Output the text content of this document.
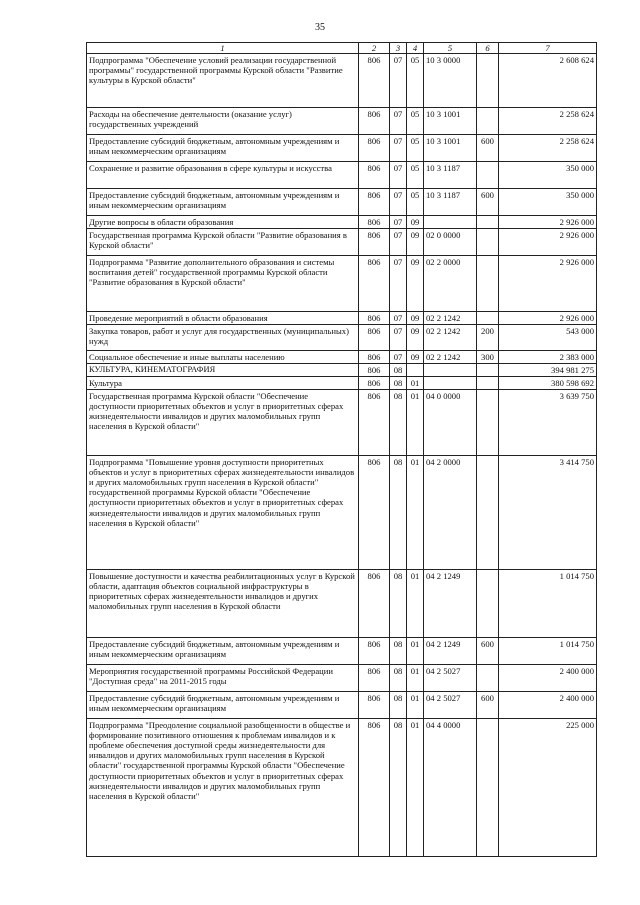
35
1	2	3	4	5	6	7
Подпрограмма "Обеспечение условий реализации государственной программы" государственной программы Курской области "Развитие культуры в Курской области"	806	07	05	10 3 0000		2 608 624
Расходы на обеспечение деятельности (оказание услуг) государственных учреждений	806	07	05	10 3 1001		2 258 624
Предоставление субсидий бюджетным, автономным учреждениям и иным некоммерческим организациям	806	07	05	10 3 1001	600	2 258 624
Сохранение и развитие образования в сфере культуры и искусства	806	07	05	10 3 1187		350 000
Предоставление субсидий бюджетным, автономным учреждениям и иным некоммерческим организациям	806	07	05	10 3 1187	600	350 000
Другие вопросы в области образования	806	07	09			2 926 000
Государственная программа Курской области "Развитие образования в Курской области"	806	07	09	02 0 0000		2 926 000
Подпрограмма "Развитие дополнительного образования и системы воспитания детей" государственной программы Курской области "Развитие образования в Курской области"	806	07	09	02 2 0000		2 926 000
Проведение мероприятий в области образования	806	07	09	02 2 1242		2 926 000
Закупка товаров, работ и услуг для государственных (муниципальных) нужд	806	07	09	02 2 1242	200	543 000
Социальное обеспечение и иные выплаты населению	806	07	09	02 2 1242	300	2 383 000
КУЛЬТУРА, КИНЕМАТОГРАФИЯ	806	08				394 981 275
Культура	806	08	01			380 598 692
Государственная программа Курской области "Обеспечение доступности приоритетных объектов и услуг в приоритетных сферах жизнедеятельности инвалидов и других маломобильных групп населения в Курской области"	806	08	01	04 0 0000		3 639 750
Подпрограмма "Повышение уровня доступности приоритетных объектов и услуг в приоритетных сферах жизнедеятельности инвалидов и других маломобильных групп населения в Курской области" государственной программы Курской области "Обеспечение доступности приоритетных объектов и услуг в приоритетных сферах жизнедеятельности инвалидов и других маломобильных групп населения в Курской области"	806	08	01	04 2 0000		3 414 750
Повышение доступности и качества реабилитационных услуг в Курской области, адаптация объектов социальной инфраструктуры в приоритетных сферах жизнедеятельности инвалидов и других маломобильных групп населения в Курской области	806	08	01	04 2 1249		1 014 750
Предоставление субсидий бюджетным, автономным учреждениям и иным некоммерческим организациям	806	08	01	04 2 1249	600	1 014 750
Мероприятия государственной программы Российской Федерации "Доступная среда" на 2011-2015 годы	806	08	01	04 2 5027		2 400 000
Предоставление субсидий бюджетным, автономным учреждениям и иным некоммерческим организациям	806	08	01	04 2 5027	600	2 400 000
Подпрограмма "Преодоление социальной разобщенности в обществе и формирование позитивного отношения к проблемам инвалидов и к проблеме обеспечения доступной среды жизнедеятельности для инвалидов и других маломобильных групп населения в Курской области" государственной программы Курской области "Обеспечение доступности приоритетных объектов и услуг в приоритетных сферах жизнедеятельности инвалидов и других маломобильных групп населения в Курской области"	806	08	01	04 4 0000		225 000
